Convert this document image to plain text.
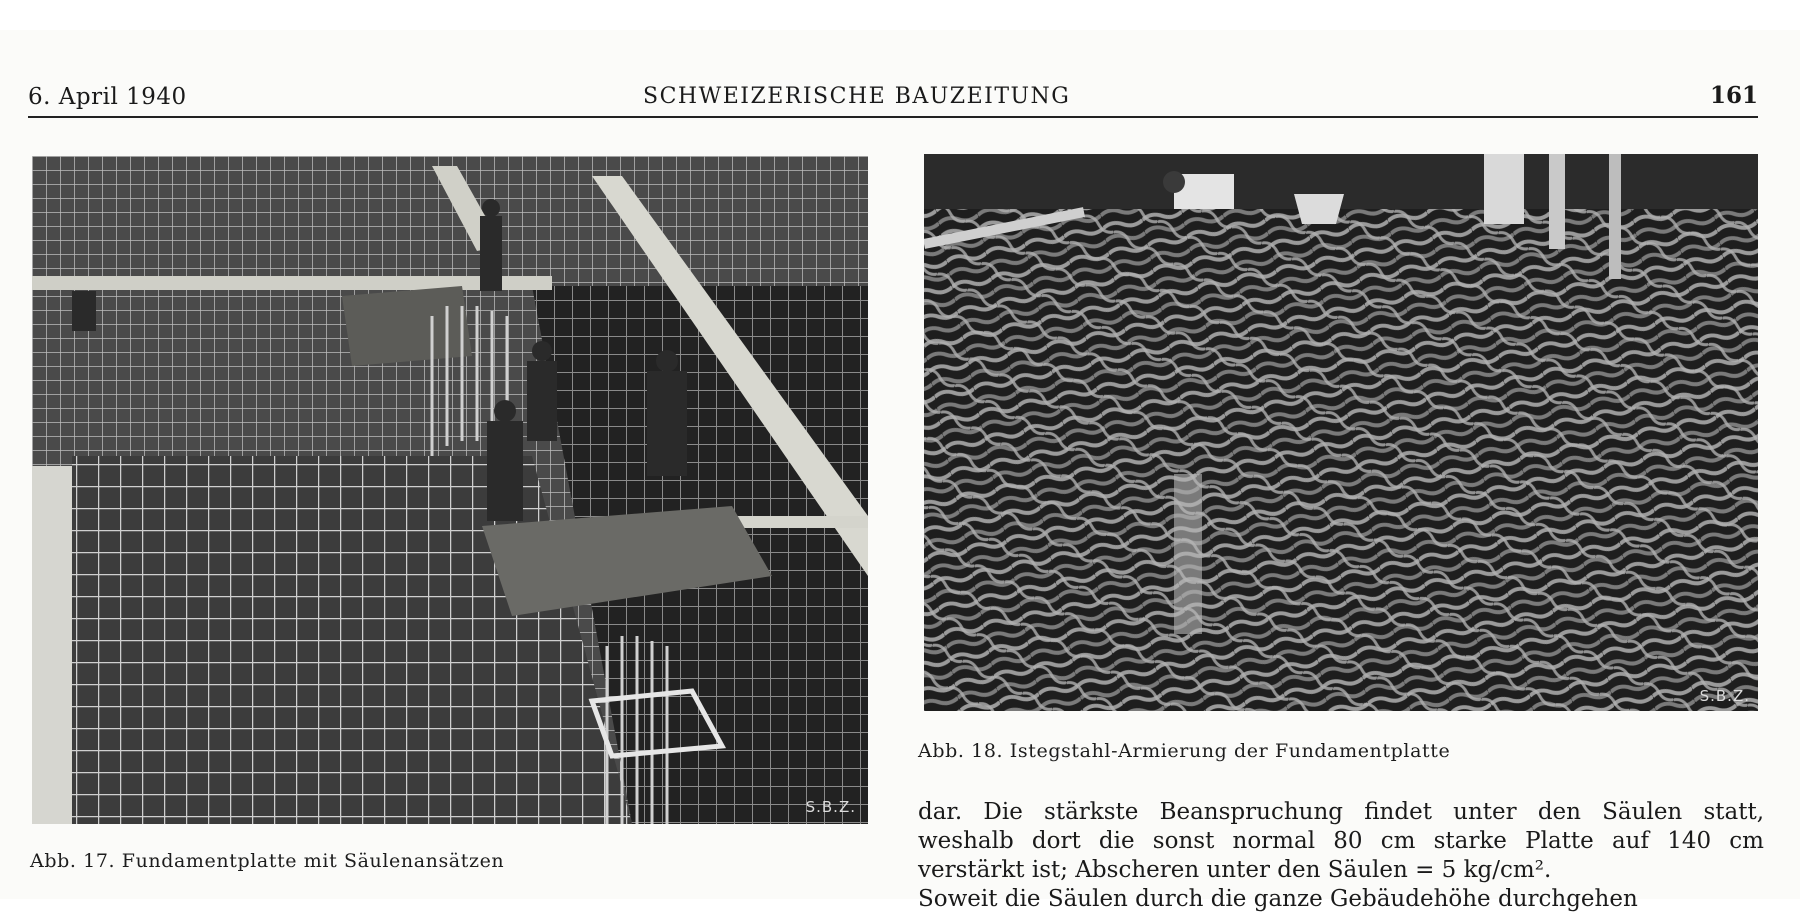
6. April 1940	SCHWEIZERISCHE BAUZEITUNG	161
S.B.Z.
Abb. 17. Fundamentplatte mit Säulenansätzen
S.B.Z.
Abb. 18. Istegstahl-Armierung der Fundamentplatte
dar. Die stärkste Beanspruchung findet unter den Säulen statt,
weshalb dort die sonst normal 80 cm starke Platte auf 140 cm
verstärkt ist; Abscheren unter den Säulen = 5 kg/cm².
Soweit die Säulen durch die ganze Gebäudehöhe durchgehen
